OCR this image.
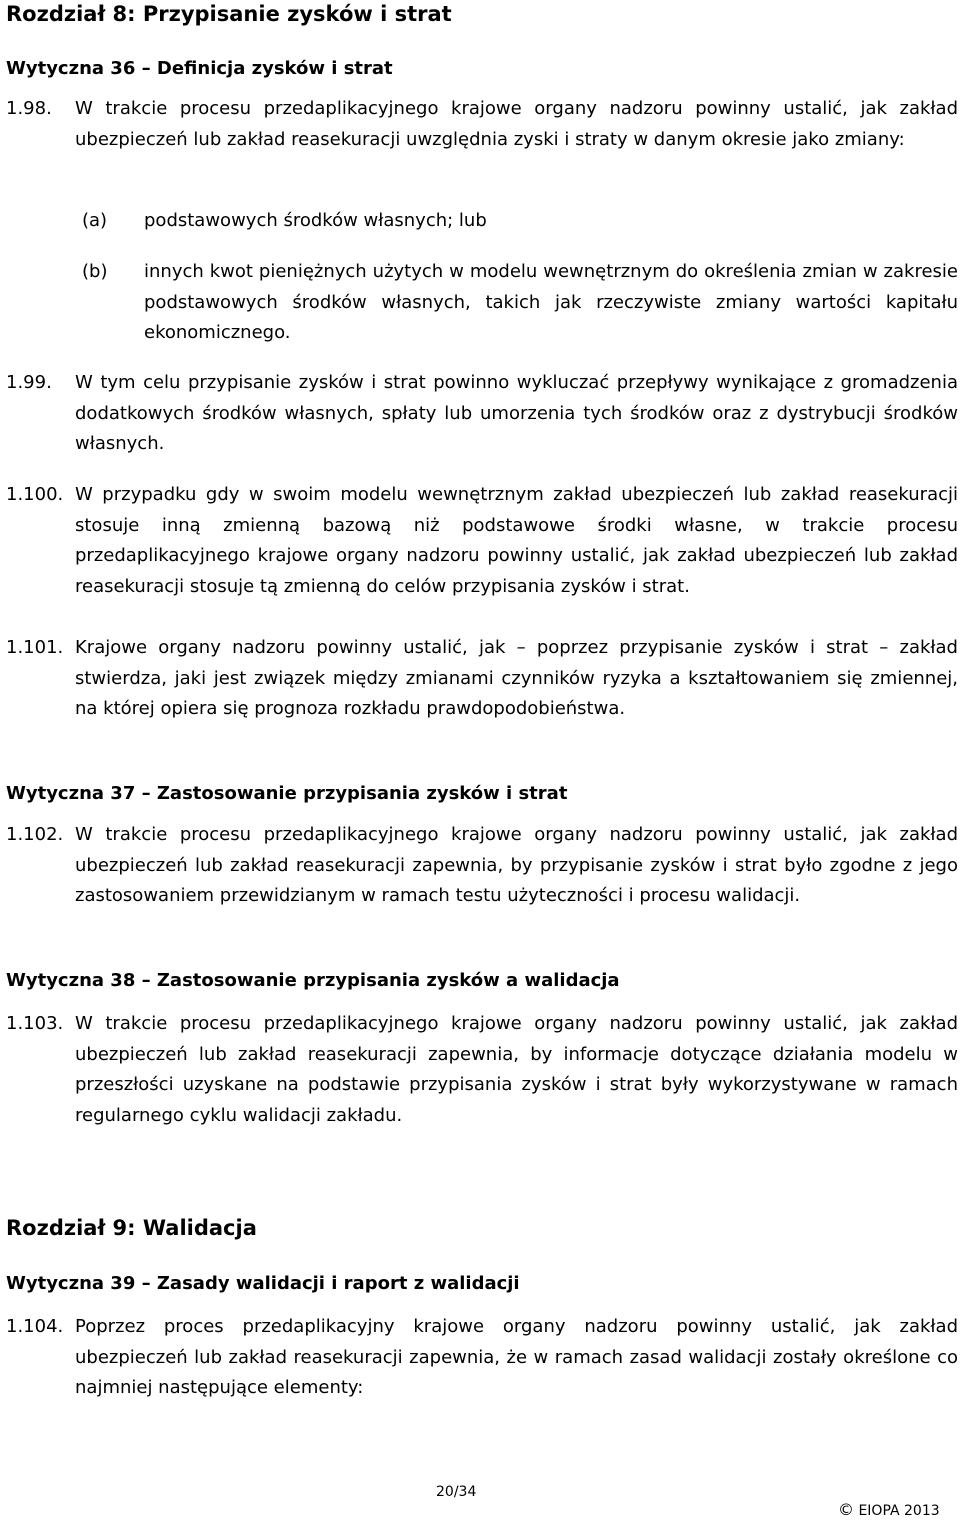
Rozdział 8: Przypisanie zysków i strat
Wytyczna 36 – Definicja zysków i strat
1.98.	W trakcie procesu przedaplikacyjnego krajowe organy nadzoru powinny ustalić, jak zakład ubezpieczeń lub zakład reasekuracji uwzględnia zyski i straty w danym okresie jako zmiany:
(a) podstawowych środków własnych; lub
(b) innych kwot pieniężnych użytych w modelu wewnętrznym do określenia zmian w zakresie podstawowych środków własnych, takich jak rzeczywiste zmiany wartości kapitału ekonomicznego.
1.99.	W tym celu przypisanie zysków i strat powinno wykluczać przepływy wynikające z gromadzenia dodatkowych środków własnych, spłaty lub umorzenia tych środków oraz z dystrybucji środków własnych.
1.100. W przypadku gdy w swoim modelu wewnętrznym zakład ubezpieczeń lub zakład reasekuracji stosuje inną zmienną bazową niż podstawowe środki własne, w trakcie procesu przedaplikacyjnego krajowe organy nadzoru powinny ustalić, jak zakład ubezpieczeń lub zakład reasekuracji stosuje tą zmienną do celów przypisania zysków i strat.
1.101. Krajowe organy nadzoru powinny ustalić, jak – poprzez przypisanie zysków i strat – zakład stwierdza, jaki jest związek między zmianami czynników ryzyka a kształtowaniem się zmiennej, na której opiera się prognoza rozkładu prawdopodobieństwa.
Wytyczna 37 – Zastosowanie przypisania zysków i strat
1.102. W trakcie procesu przedaplikacyjnego krajowe organy nadzoru powinny ustalić, jak zakład ubezpieczeń lub zakład reasekuracji zapewnia, by przypisanie zysków i strat było zgodne z jego zastosowaniem przewidzianym w ramach testu użyteczności i procesu walidacji.
Wytyczna 38 – Zastosowanie przypisania zysków a walidacja
1.103. W trakcie procesu przedaplikacyjnego krajowe organy nadzoru powinny ustalić, jak zakład ubezpieczeń lub zakład reasekuracji zapewnia, by informacje dotyczące działania modelu w przeszłości uzyskane na podstawie przypisania zysków i strat były wykorzystywane w ramach regularnego cyklu walidacji zakładu.
Rozdział 9: Walidacja
Wytyczna 39 – Zasady walidacji i raport z walidacji
1.104. Poprzez proces przedaplikacyjny krajowe organy nadzoru powinny ustalić, jak zakład ubezpieczeń lub zakład reasekuracji zapewnia, że w ramach zasad walidacji zostały określone co najmniej następujące elementy:
20/34
© EIOPA 2013
